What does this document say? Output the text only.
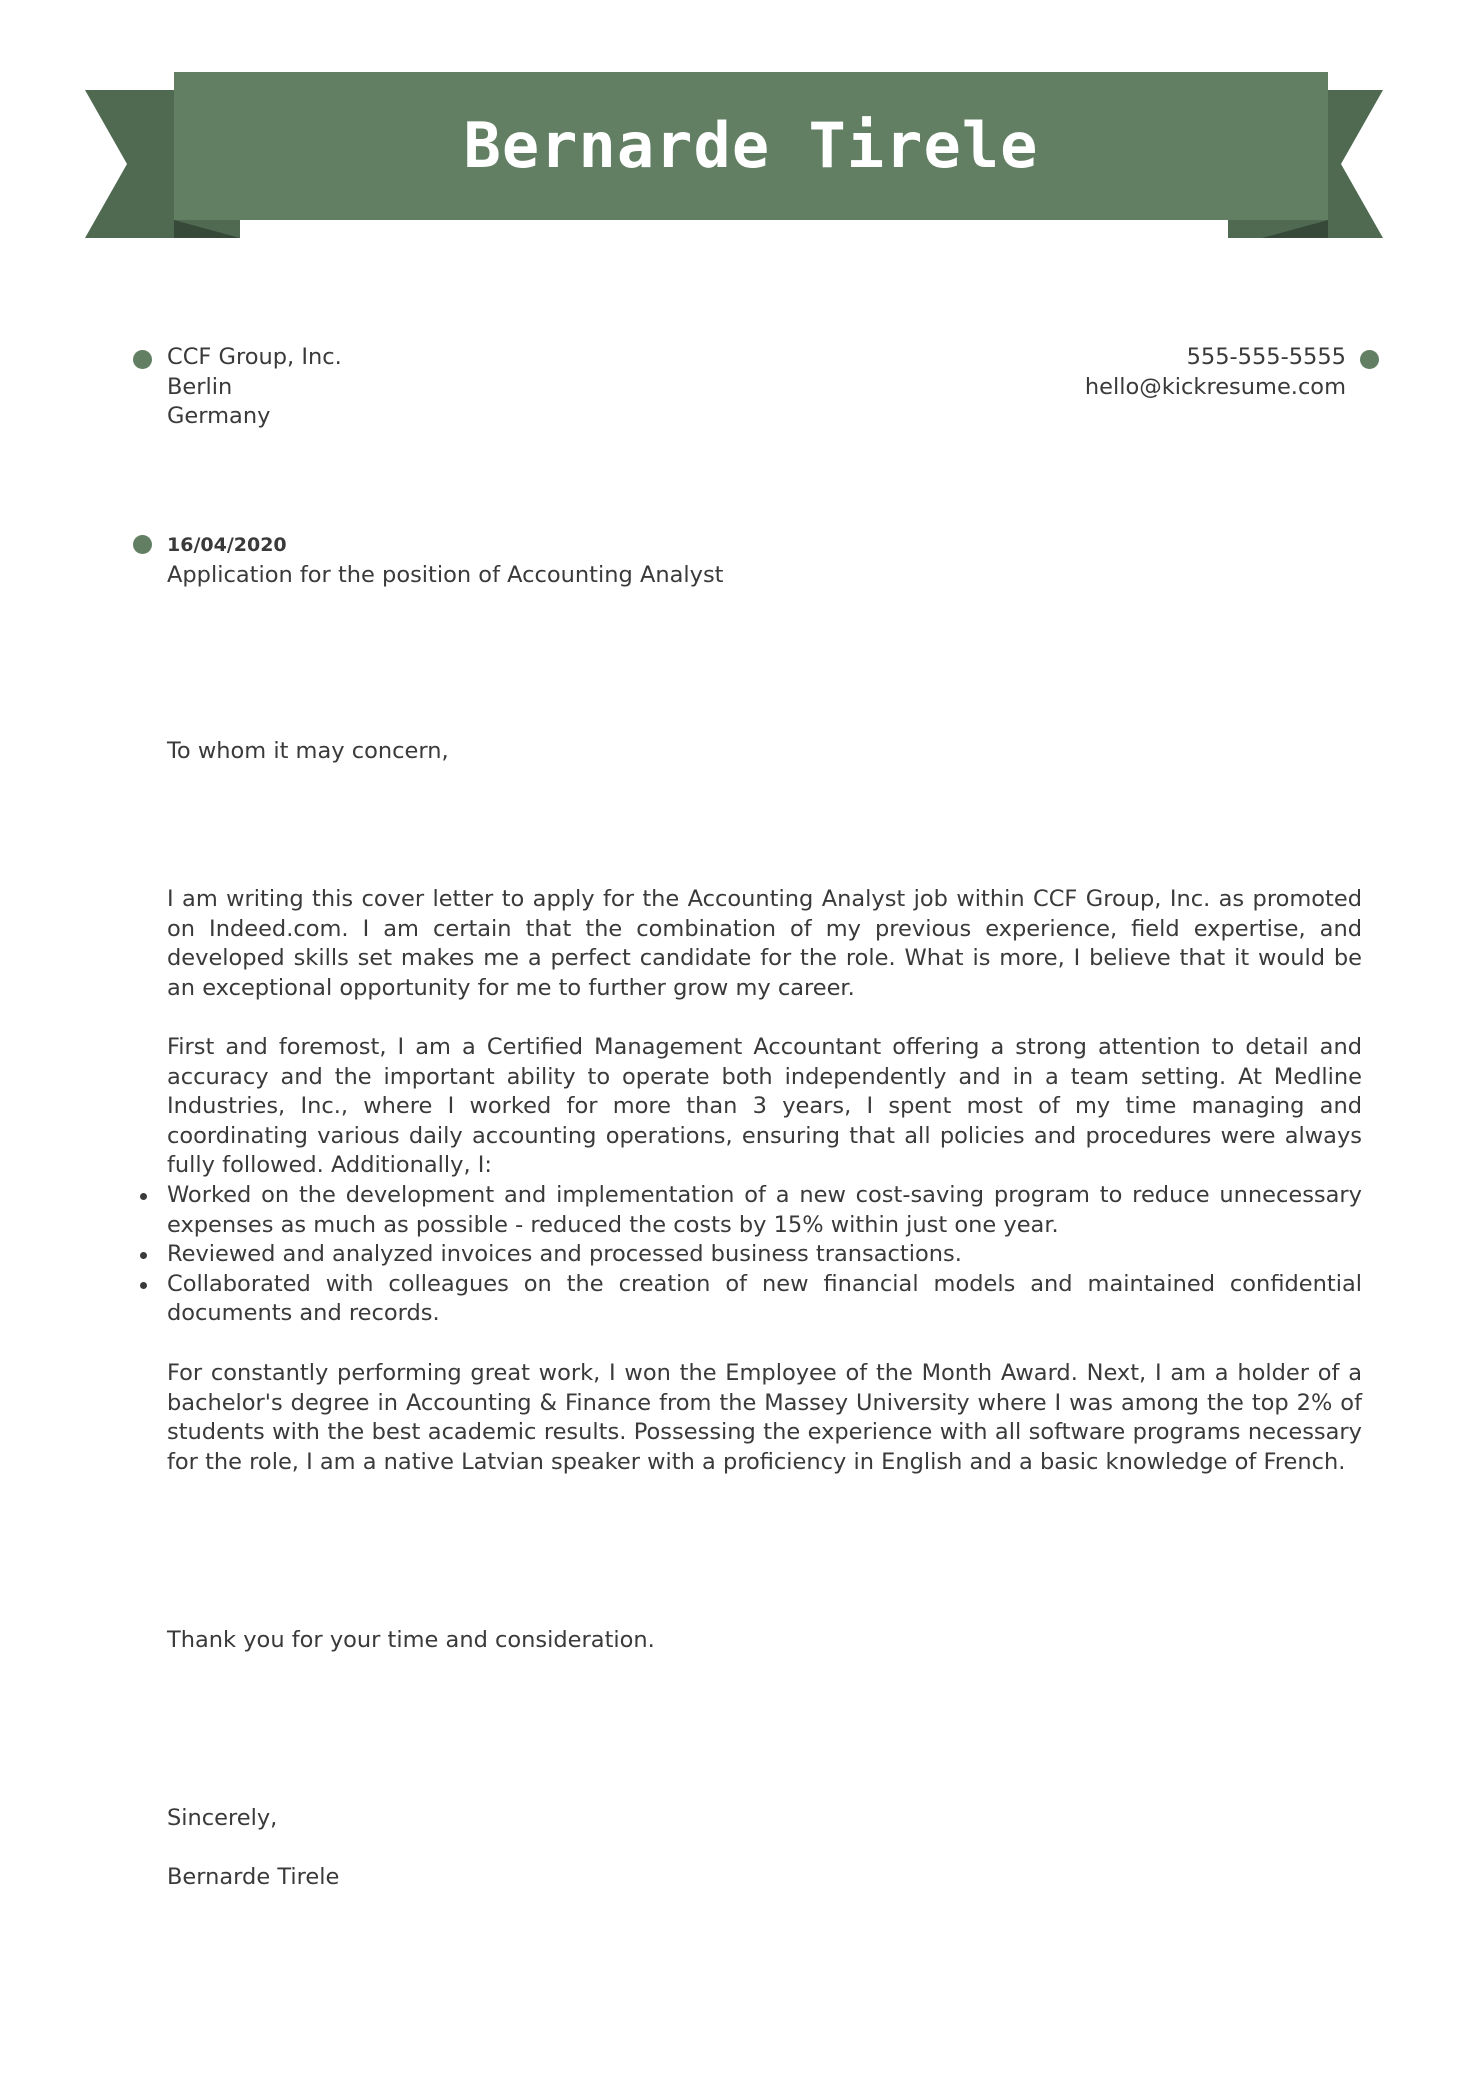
Bernarde Tirele
CCF Group, Inc.
Berlin
Germany
555-555-5555
hello@kickresume.com
16/04/2020
Application for the position of Accounting Analyst
To whom it may concern,

I am writing this cover letter to apply for the Accounting Analyst job within CCF Group, Inc. as promoted on Indeed.com. I am certain that the combination of my previous experience, field expertise, and developed skills set makes me a perfect candidate for the role. What is more, I believe that it would be an exceptional opportunity for me to further grow my career.

First and foremost, I am a Certified Management Accountant offering a strong attention to detail and accuracy and the important ability to operate both independently and in a team setting. At Medline Industries, Inc., where I worked for more than 3 years, I spent most of my time managing and coordinating various daily accounting operations, ensuring that all policies and procedures were always fully followed. Additionally, I:

Worked on the development and implementation of a new cost-saving program to reduce unnecessary expenses as much as possible - reduced the costs by 15% within just one year.
Reviewed and analyzed invoices and processed business transactions.
Collaborated with colleagues on the creation of new financial models and maintained confidential documents and records.

For constantly performing great work, I won the Employee of the Month Award. Next, I am a holder of a bachelor's degree in Accounting & Finance from the Massey University where I was among the top 2% of students with the best academic results. Possessing the experience with all software programs necessary for the role, I am a native Latvian speaker with a proficiency in English and a basic knowledge of French.

Thank you for your time and consideration.
Sincerely,
Bernarde Tirele
